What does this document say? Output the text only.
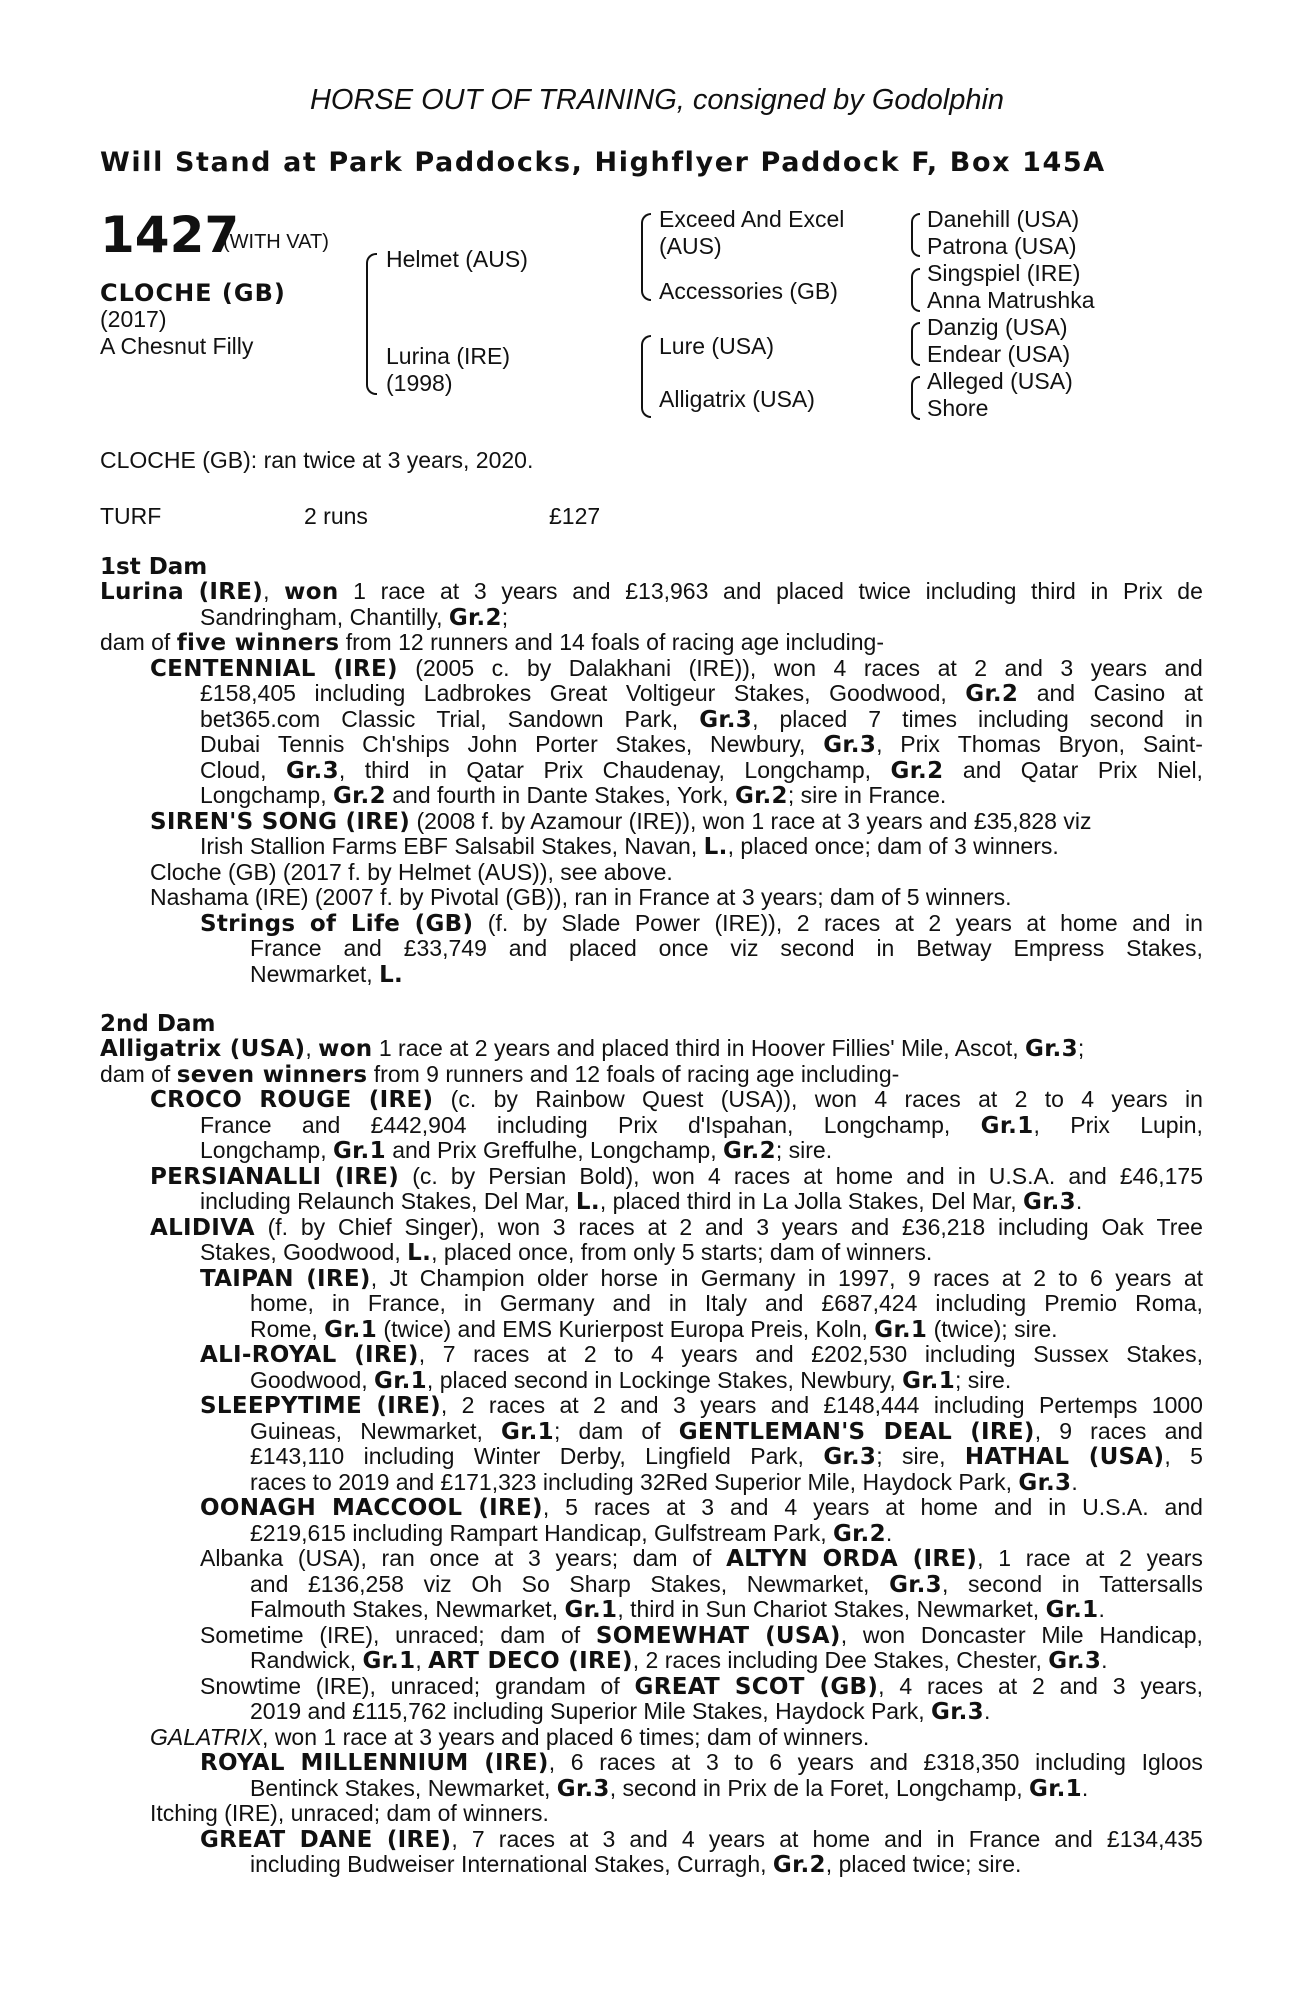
HORSE OUT OF TRAINING, consigned by Godolphin
Will Stand at Park Paddocks, Highflyer Paddock F, Box 145A
1427
(WITH VAT)
CLOCHE (GB)
(2017)
A Chesnut Filly
Helmet (AUS)
Lurina (IRE)
(1998)
Exceed And Excel
(AUS)
Accessories (GB)
Lure (USA)
Alligatrix (USA)
Danehill (USA)
Patrona (USA)
Singspiel (IRE)
Anna Matrushka
Danzig (USA)
Endear (USA)
Alleged (USA)
Shore
CLOCHE (GB): ran twice at 3 years, 2020.
TURF	2 runs	£127
1st Dam
Lurina (IRE), won 1 race at 3 years and £13,963 and placed twice including third in Prix de
Sandringham, Chantilly, Gr.2;
dam of five winners from 12 runners and 14 foals of racing age including-
CENTENNIAL (IRE) (2005 c. by Dalakhani (IRE)), won 4 races at 2 and 3 years and
£158,405 including Ladbrokes Great Voltigeur Stakes, Goodwood, Gr.2 and Casino at
bet365.com Classic Trial, Sandown Park, Gr.3, placed 7 times including second in
Dubai Tennis Ch'ships John Porter Stakes, Newbury, Gr.3, Prix Thomas Bryon, Saint-
Cloud, Gr.3, third in Qatar Prix Chaudenay, Longchamp, Gr.2 and Qatar Prix Niel,
Longchamp, Gr.2 and fourth in Dante Stakes, York, Gr.2; sire in France.
SIREN'S SONG (IRE) (2008 f. by Azamour (IRE)), won 1 race at 3 years and £35,828 viz
Irish Stallion Farms EBF Salsabil Stakes, Navan, L., placed once; dam of 3 winners.
Cloche (GB) (2017 f. by Helmet (AUS)), see above.
Nashama (IRE) (2007 f. by Pivotal (GB)), ran in France at 3 years; dam of 5 winners.
Strings of Life (GB) (f. by Slade Power (IRE)), 2 races at 2 years at home and in
France and £33,749 and placed once viz second in Betway Empress Stakes,
Newmarket, L.
2nd Dam
Alligatrix (USA), won 1 race at 2 years and placed third in Hoover Fillies' Mile, Ascot, Gr.3;
dam of seven winners from 9 runners and 12 foals of racing age including-
CROCO ROUGE (IRE) (c. by Rainbow Quest (USA)), won 4 races at 2 to 4 years in
France and £442,904 including Prix d'Ispahan, Longchamp, Gr.1, Prix Lupin,
Longchamp, Gr.1 and Prix Greffulhe, Longchamp, Gr.2; sire.
PERSIANALLI (IRE) (c. by Persian Bold), won 4 races at home and in U.S.A. and £46,175
including Relaunch Stakes, Del Mar, L., placed third in La Jolla Stakes, Del Mar, Gr.3.
ALIDIVA (f. by Chief Singer), won 3 races at 2 and 3 years and £36,218 including Oak Tree
Stakes, Goodwood, L., placed once, from only 5 starts; dam of winners.
TAIPAN (IRE), Jt Champion older horse in Germany in 1997, 9 races at 2 to 6 years at
home, in France, in Germany and in Italy and £687,424 including Premio Roma,
Rome, Gr.1 (twice) and EMS Kurierpost Europa Preis, Koln, Gr.1 (twice); sire.
ALI-ROYAL (IRE), 7 races at 2 to 4 years and £202,530 including Sussex Stakes,
Goodwood, Gr.1, placed second in Lockinge Stakes, Newbury, Gr.1; sire.
SLEEPYTIME (IRE), 2 races at 2 and 3 years and £148,444 including Pertemps 1000
Guineas, Newmarket, Gr.1; dam of GENTLEMAN'S DEAL (IRE), 9 races and
£143,110 including Winter Derby, Lingfield Park, Gr.3; sire, HATHAL (USA), 5
races to 2019 and £171,323 including 32Red Superior Mile, Haydock Park, Gr.3.
OONAGH MACCOOL (IRE), 5 races at 3 and 4 years at home and in U.S.A. and
£219,615 including Rampart Handicap, Gulfstream Park, Gr.2.
Albanka (USA), ran once at 3 years; dam of ALTYN ORDA (IRE), 1 race at 2 years
and £136,258 viz Oh So Sharp Stakes, Newmarket, Gr.3, second in Tattersalls
Falmouth Stakes, Newmarket, Gr.1, third in Sun Chariot Stakes, Newmarket, Gr.1.
Sometime (IRE), unraced; dam of SOMEWHAT (USA), won Doncaster Mile Handicap,
Randwick, Gr.1, ART DECO (IRE), 2 races including Dee Stakes, Chester, Gr.3.
Snowtime (IRE), unraced; grandam of GREAT SCOT (GB), 4 races at 2 and 3 years,
2019 and £115,762 including Superior Mile Stakes, Haydock Park, Gr.3.
GALATRIX, won 1 race at 3 years and placed 6 times; dam of winners.
ROYAL MILLENNIUM (IRE), 6 races at 3 to 6 years and £318,350 including Igloos
Bentinck Stakes, Newmarket, Gr.3, second in Prix de la Foret, Longchamp, Gr.1.
Itching (IRE), unraced; dam of winners.
GREAT DANE (IRE), 7 races at 3 and 4 years at home and in France and £134,435
including Budweiser International Stakes, Curragh, Gr.2, placed twice; sire.
